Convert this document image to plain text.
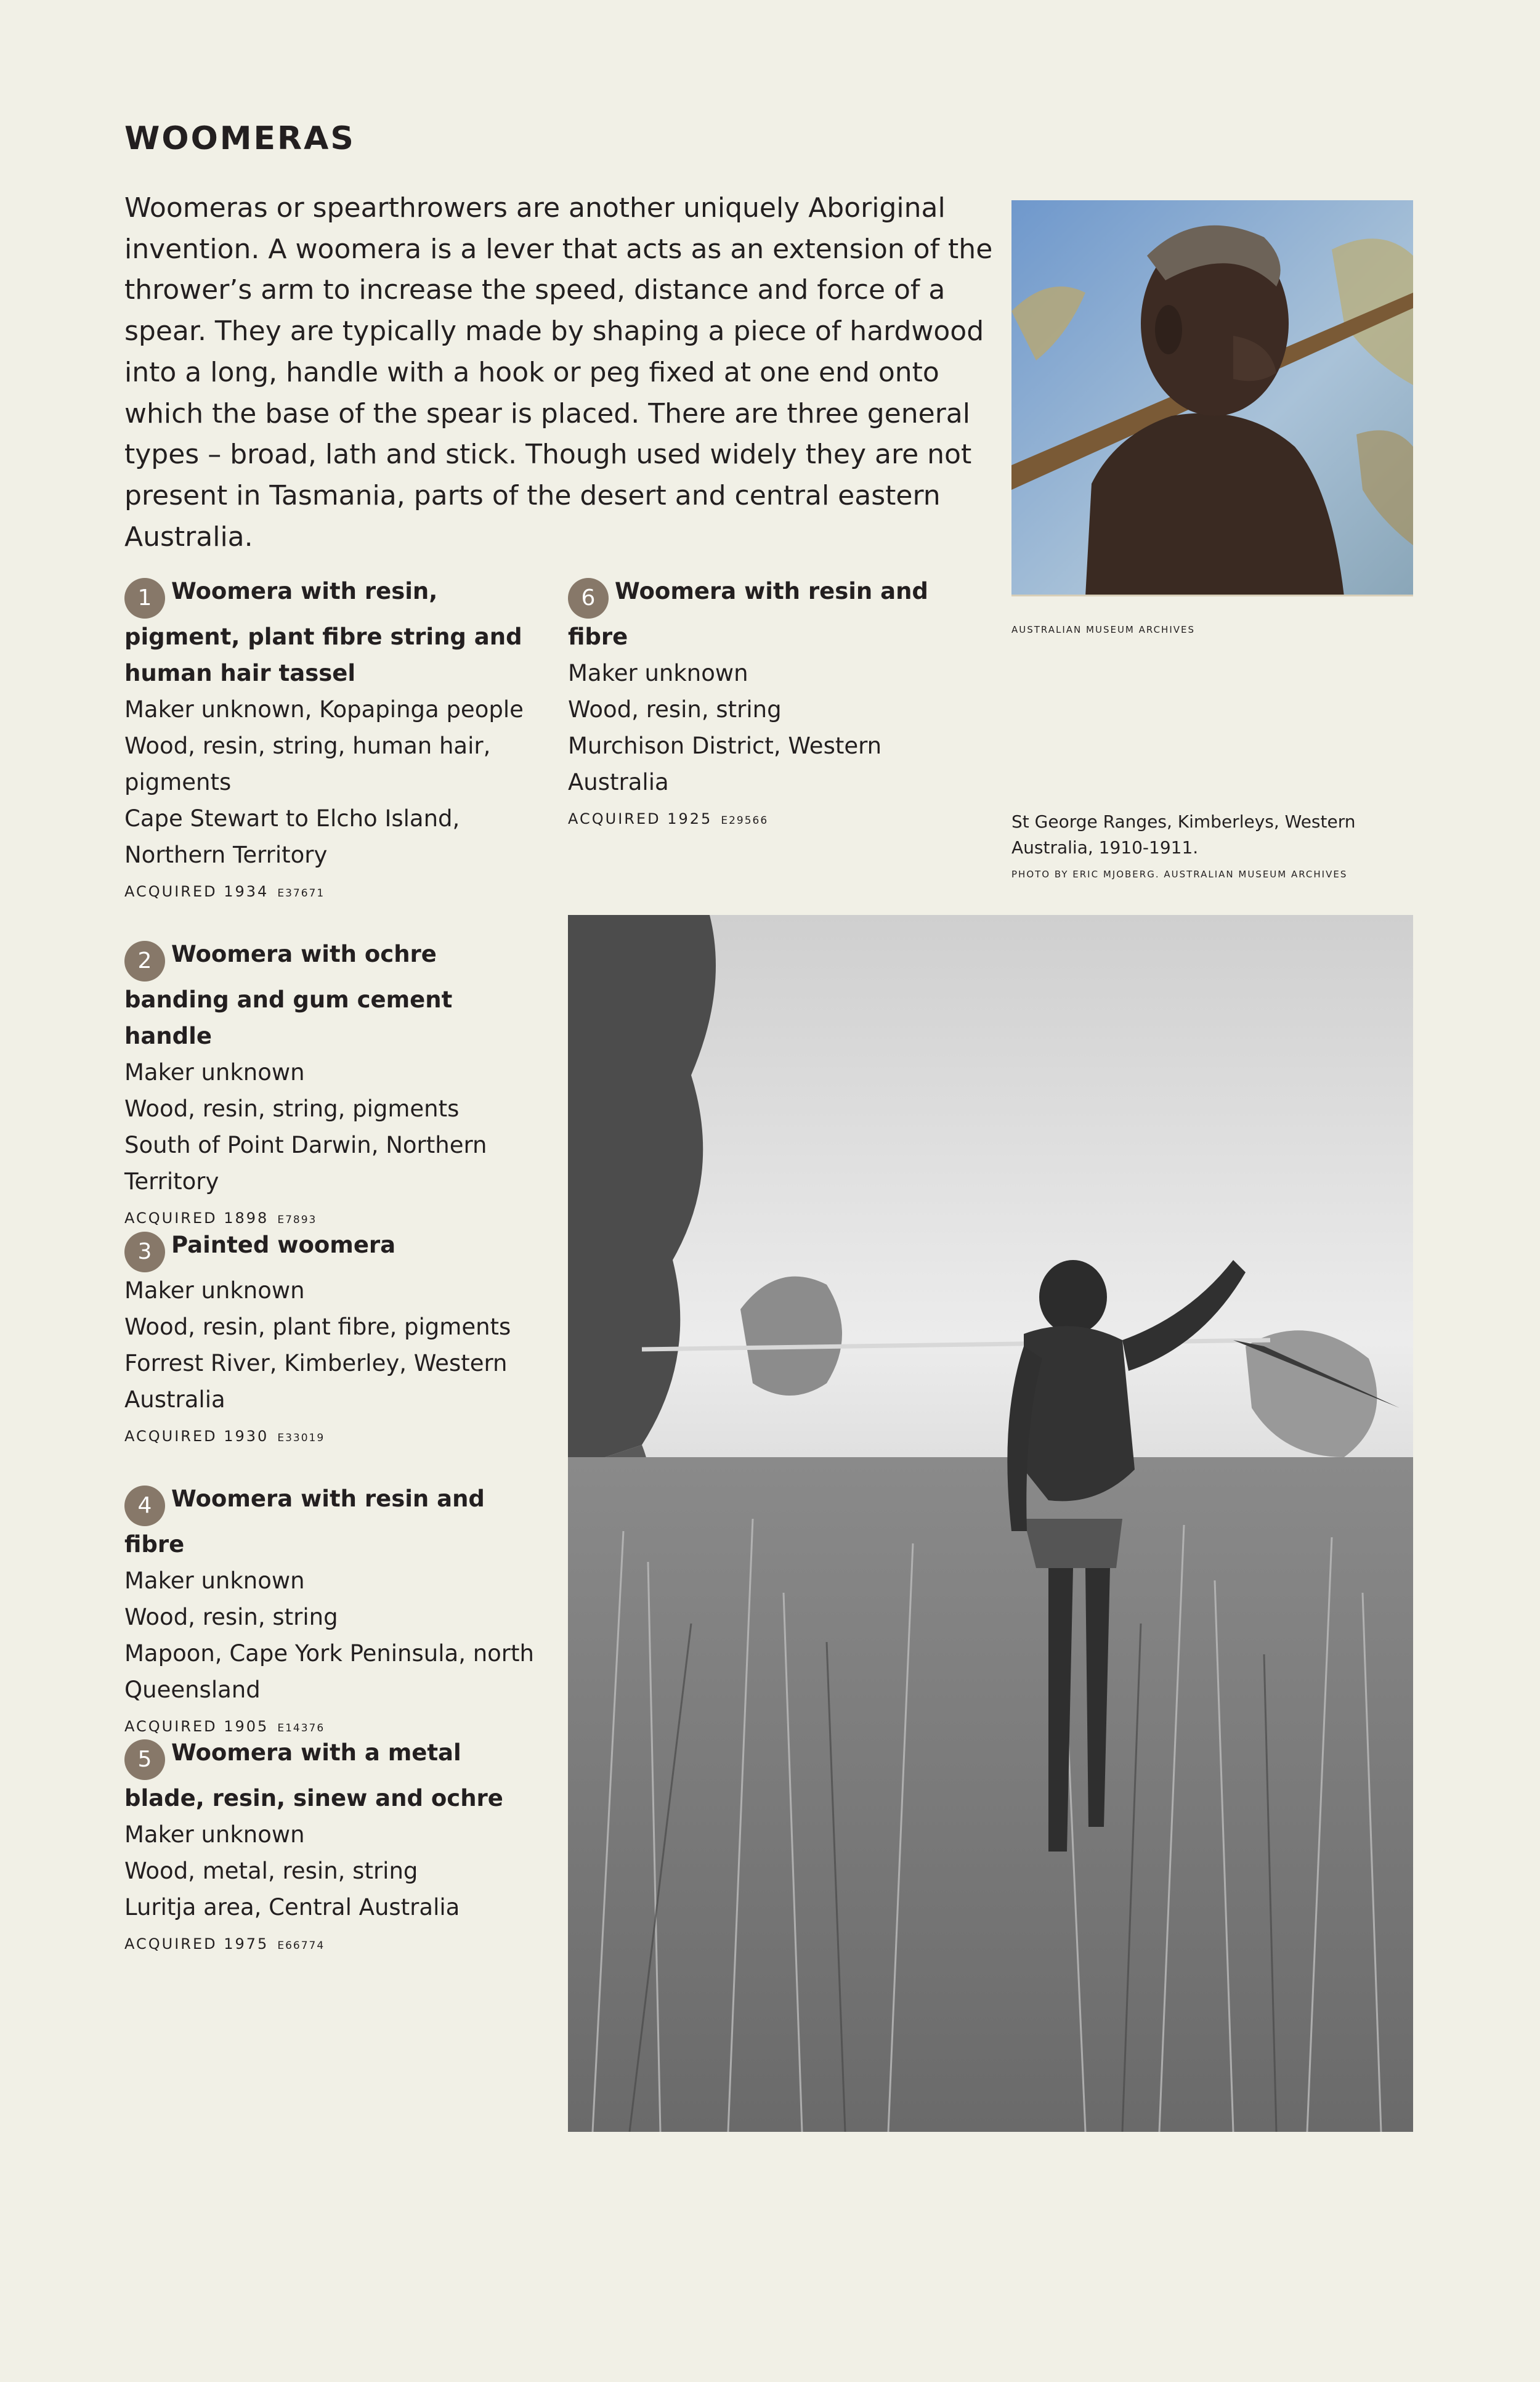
WOOMERAS

Woomeras or spearthrowers are another uniquely Aboriginal invention. A woomera is a lever that acts as an extension of the thrower’s arm to increase the speed, distance and force of a spear. They are typically made by shaping a piece of hardwood into a long, handle with a hook or peg fixed at one end onto which the base of the spear is placed. There are three general types – broad, lath and stick. Though used widely they are not present in Tasmania, parts of the desert and central eastern Australia.

1 Woomera with resin, pigment, plant fibre string and human hair tassel

Maker unknown, Kopapinga people

Wood, resin, string, human hair, pigments

Cape Stewart to Elcho Island, Northern Territory

ACQUIRED 1934 E37671

2 Woomera with ochre banding and gum cement handle

Maker unknown

Wood, resin, string, pigments

South of Point Darwin, Northern Territory

ACQUIRED 1898 E7893

3 Painted woomera

Maker unknown

Wood, resin, plant fibre, pigments

Forrest River, Kimberley, Western Australia

ACQUIRED 1930 E33019

4 Woomera with resin and fibre

Maker unknown

Wood, resin, string

Mapoon, Cape York Peninsula, north Queensland

ACQUIRED 1905 E14376

5 Woomera with a metal blade, resin, sinew and ochre

Maker unknown

Wood, metal, resin, string

Luritja area, Central Australia

ACQUIRED 1975 E66774

6 Woomera with resin and fibre

Maker unknown

Wood, resin, string

Murchison District, Western Australia

ACQUIRED 1925 E29566

AUSTRALIAN MUSEUM ARCHIVES

St George Ranges, Kimberleys, Western Australia, 1910-1911.

PHOTO BY ERIC MJOBERG. AUSTRALIAN MUSEUM ARCHIVES
